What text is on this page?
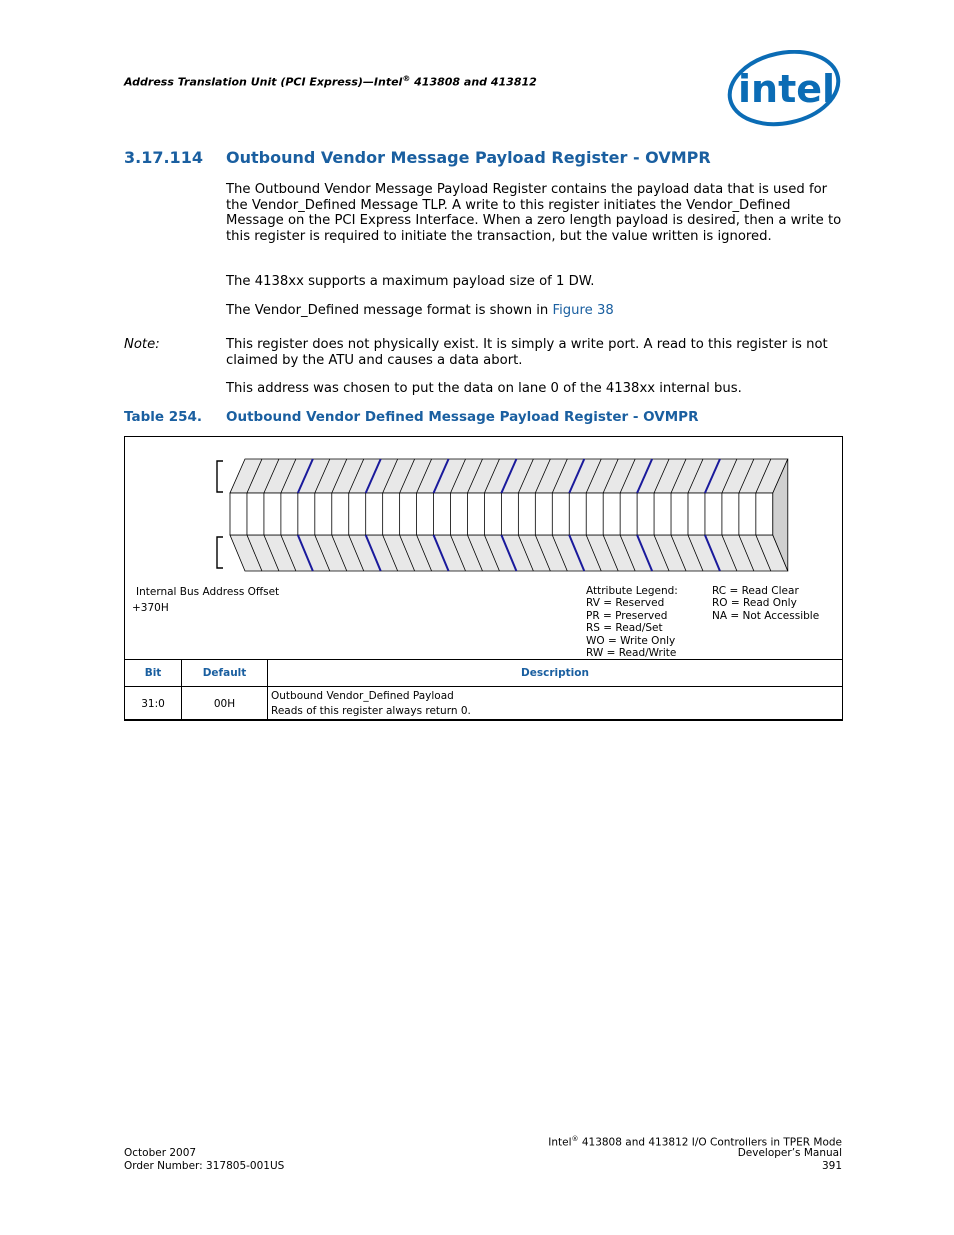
Address Translation Unit (PCI Express)—Intel® 413808 and 413812	intel
3.17.114 Outbound Vendor Message Payload Register - OVMPR
The Outbound Vendor Message Payload Register contains the payload data that is used for the Vendor_Defined Message TLP. A write to this register initiates the Vendor_Defined Message on the PCI Express Interface. When a zero length payload is desired, then a write to this register is required to initiate the transaction, but the value written is ignored.
The 4138xx supports a maximum payload size of 1 DW.
The Vendor_Defined message format is shown in Figure 38
Note:	This register does not physically exist. It is simply a write port. A read to this register is not claimed by the ATU and causes a data abort.
This address was chosen to put the data on lane 0 of the 4138xx internal bus.
Table 254. Outbound Vendor Defined Message Payload Register - OVMPR
Internal Bus Address Offset
+370H
Attribute Legend:
RV = Reserved
PR = Preserved
RS = Read/Set
WO = Write Only
RW = Read/Write
RC = Read Clear
RO = Read Only
NA = Not Accessible
Bit	Default	Description
31:0	00H	Outbound Vendor_Defined Payload
Reads of this register always return 0.
October 2007
Order Number: 317805-001US
Intel® 413808 and 413812 I/O Controllers in TPER Mode
Developer’s Manual
391
